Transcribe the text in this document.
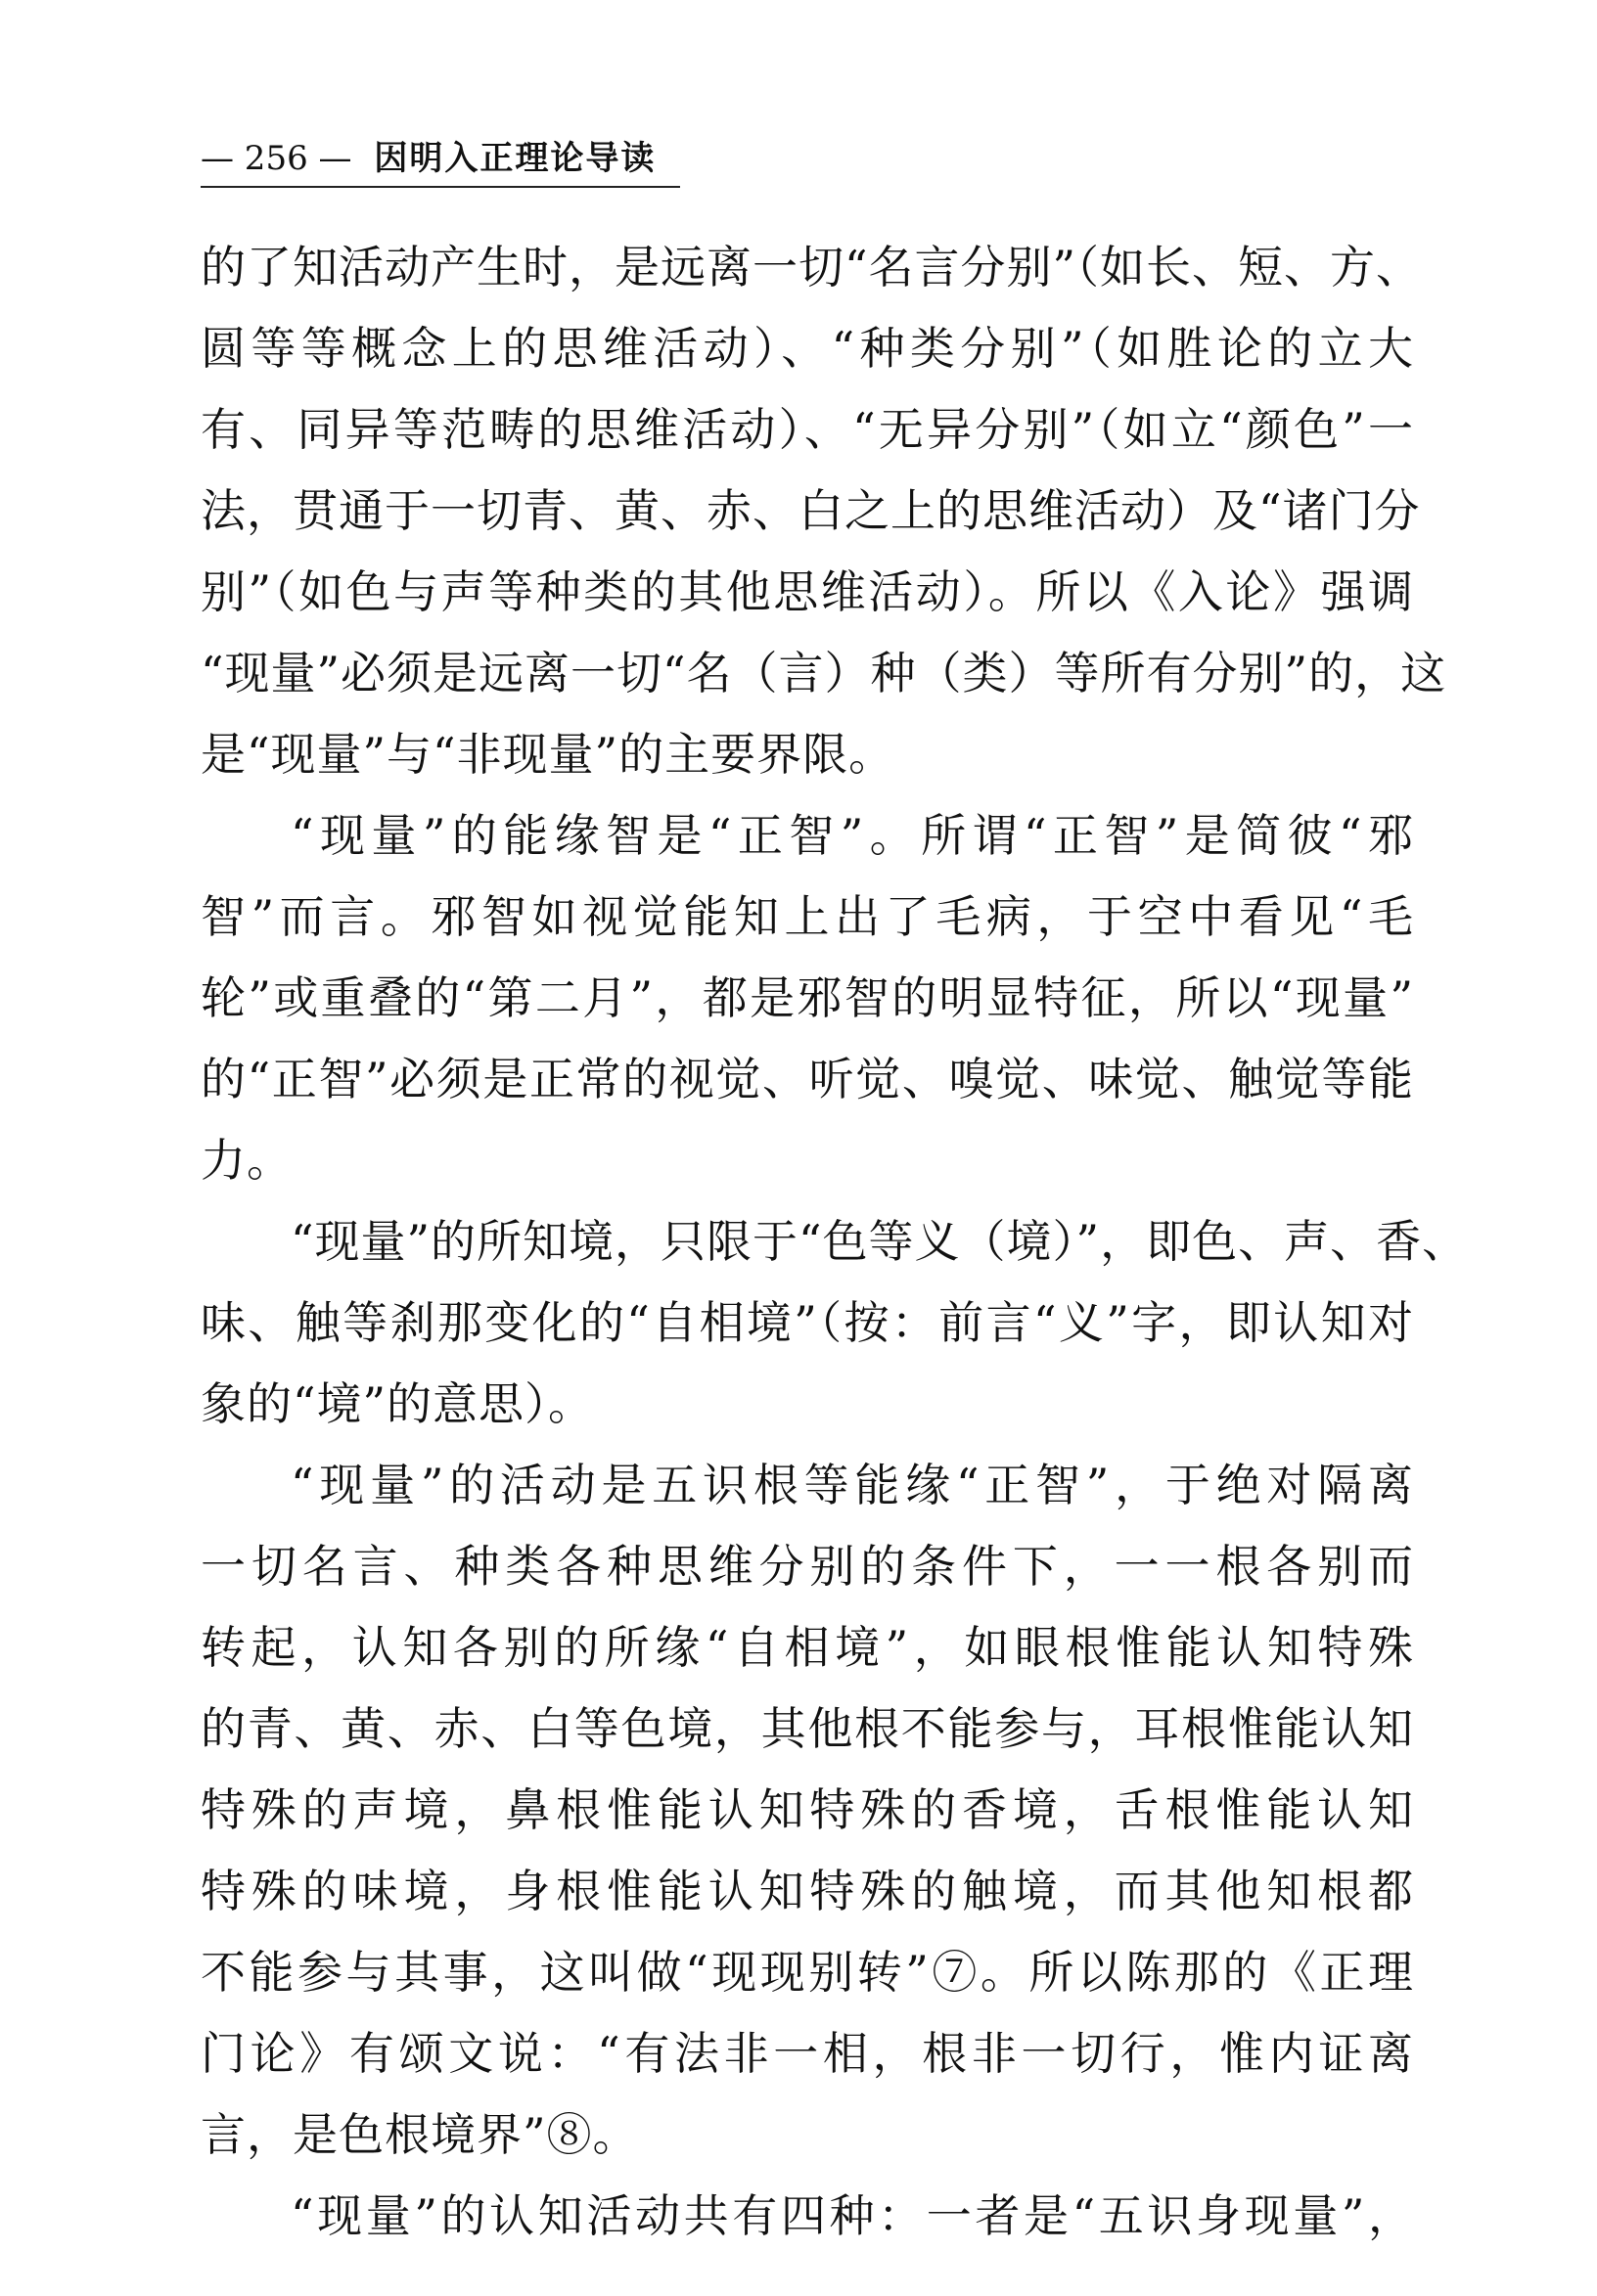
— 256 — 因明入正理论导读
的了知活动产生时，是远离一切“名言分别”（如长、短、方、
圆等等概念上的思维活动）、“种类分别”（如胜论的立大
有、同异等范畴的思维活动）、“无异分别”（如立“颜色”一
法，贯通于一切青、黄、赤、白之上的思维活动）及“诸门分
别”（如色与声等种类的其他思维活动）。所以《入论》强调
“现量”必须是远离一切“名（言）种（类）等所有分别”的，这
是“现量”与“非现量”的主要界限。
“现量”的能缘智是“正智”。所谓“正智”是简彼“邪
智”而言。邪智如视觉能知上出了毛病，于空中看见“毛
轮”或重叠的“第二月”，都是邪智的明显特征，所以“现量”
的“正智”必须是正常的视觉、听觉、嗅觉、味觉、触觉等能
力。
“现量”的所知境，只限于“色等义（境）”，即色、声、香、
味、触等刹那变化的“自相境”（按：前言“义”字，即认知对
象的“境”的意思）。
“现量”的活动是五识根等能缘“正智”，于绝对隔离
一切名言、种类各种思维分别的条件下，一一根各别而
转起，认知各别的所缘“自相境”，如眼根惟能认知特殊
的青、黄、赤、白等色境，其他根不能参与，耳根惟能认知
特殊的声境，鼻根惟能认知特殊的香境，舌根惟能认知
特殊的味境，身根惟能认知特殊的触境，而其他知根都
不能参与其事，这叫做“现现别转”⑦。所以陈那的《正理
门论》有颂文说：“有法非一相，根非一切行，惟内证离
言，是色根境界”⑧。
“现量”的认知活动共有四种：一者是“五识身现量”，
